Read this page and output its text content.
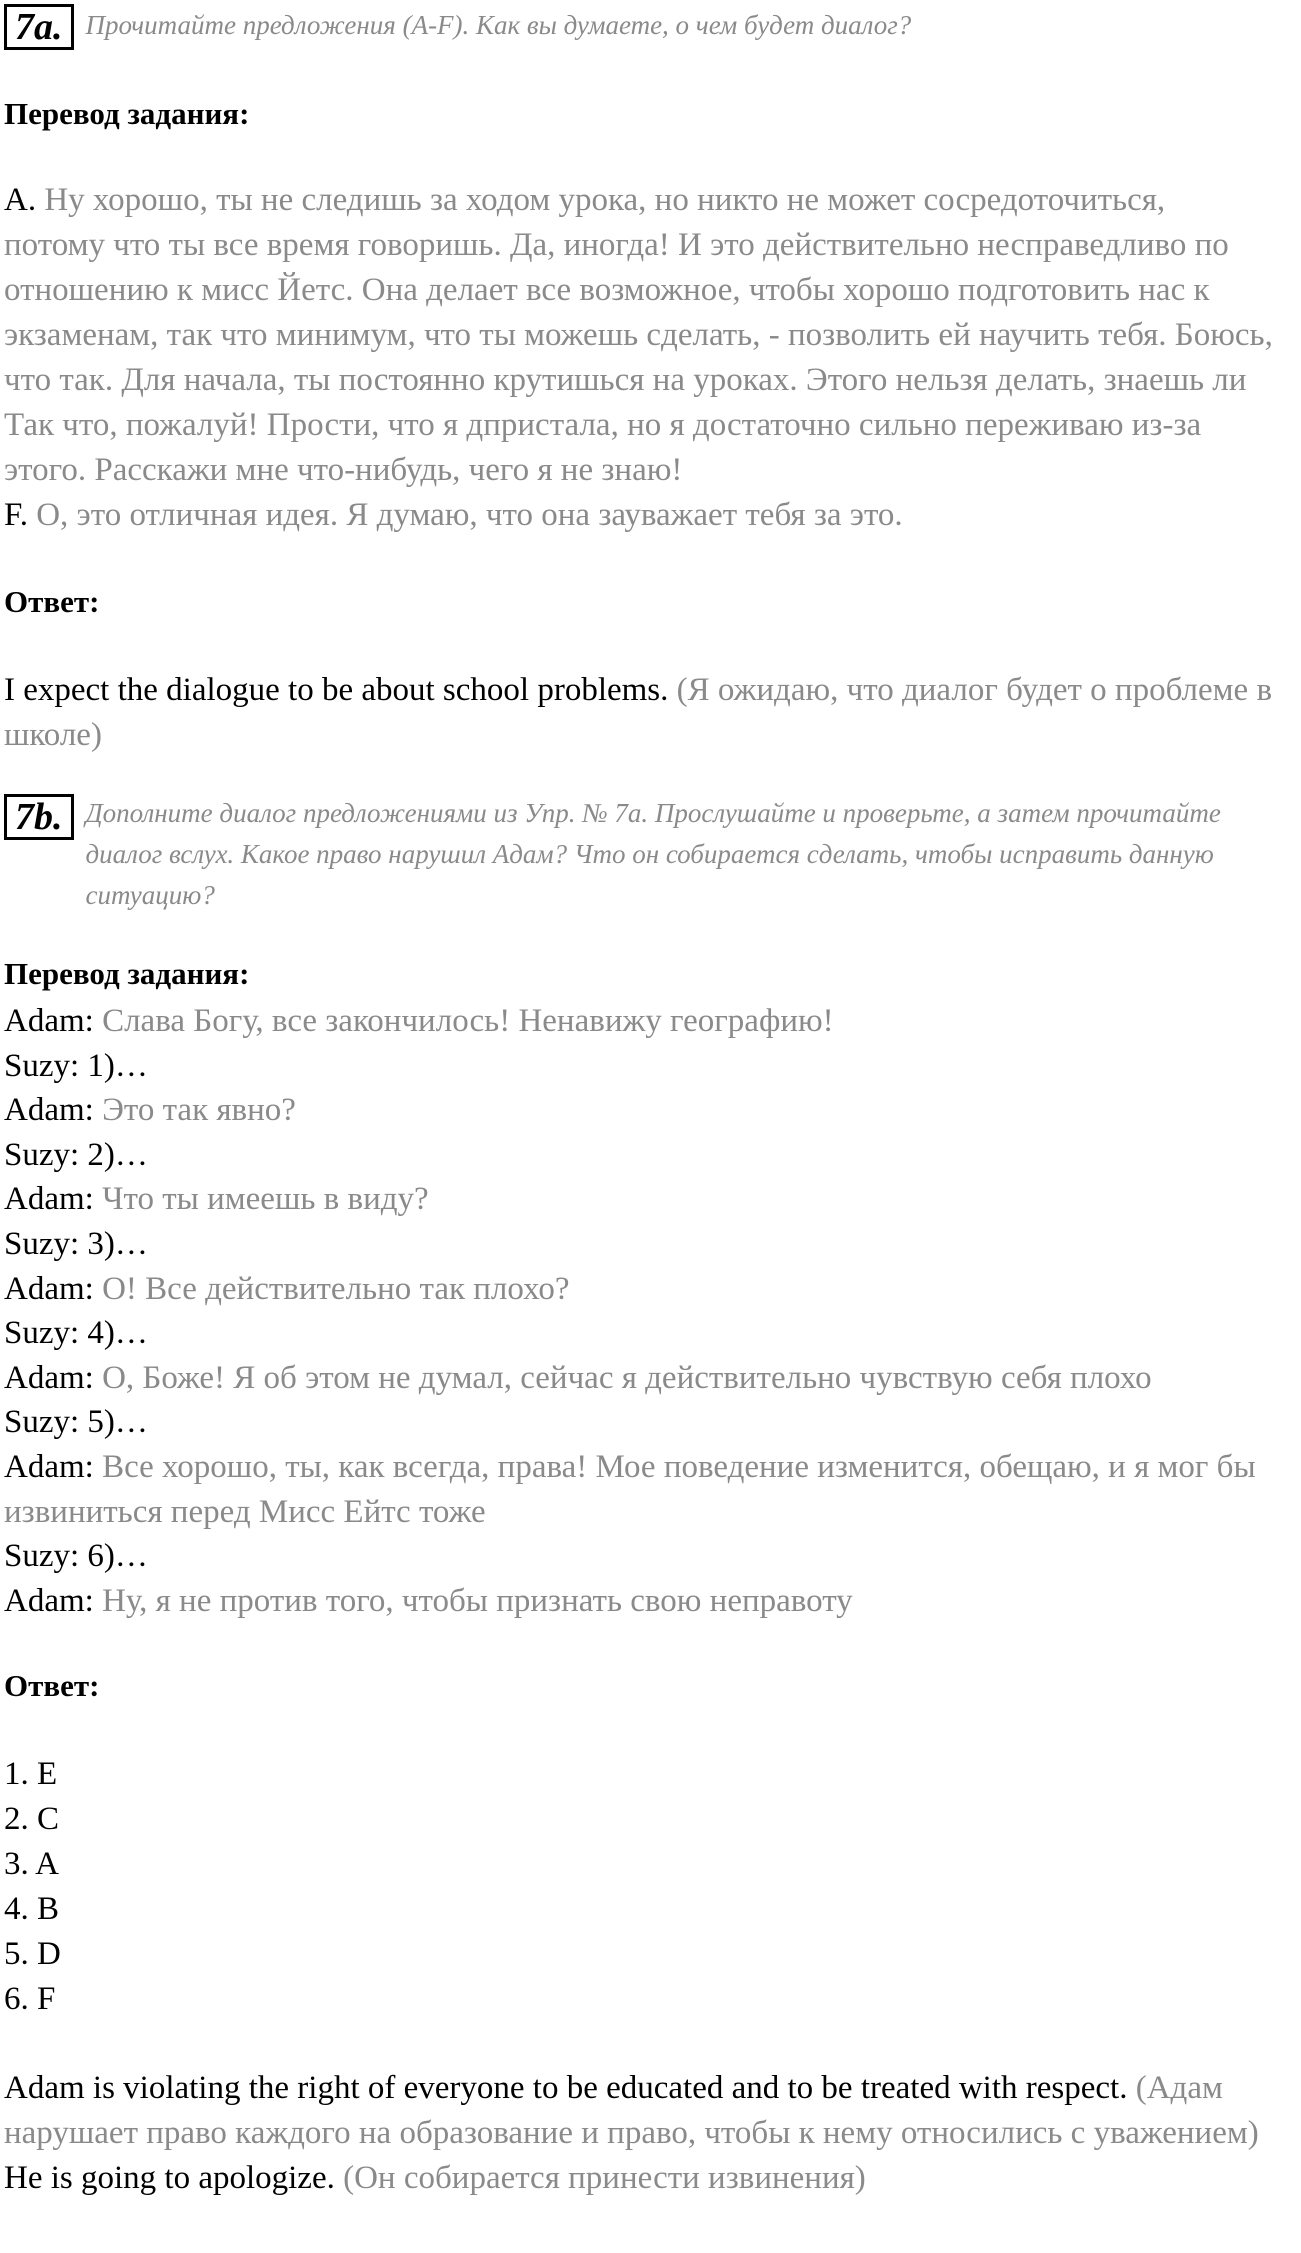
7a. Прочитайте предложения (A-F). Как вы думаете, о чем будет диалог?
Перевод задания:
A. Ну хорошо, ты не следишь за ходом урока, но никто не может сосредоточиться, потому что ты все время говоришь. Да, иногда! И это действительно несправедливо по отношению к мисс Йетс. Она делает все возможное, чтобы хорошо подготовить нас к экзаменам, так что минимум, что ты можешь сделать, - позволить ей научить тебя. Боюсь, что так. Для начала, ты постоянно крутишься на уроках. Этого нельзя делать, знаешь ли Так что, пожалуй! Прости, что я дпристала, но я достаточно сильно переживаю из-за этого. Расскажи мне что-нибудь, чего я не знаю!
F. О, это отличная идея. Я думаю, что она зауважает тебя за это.
Ответ:
I expect the dialogue to be about school problems. (Я ожидаю, что диалог будет о проблеме в школе)
7b. Дополните диалог предложениями из Упр. № 7a. Прослушайте и проверьте, а затем прочитайте диалог вслух. Какое право нарушил Адам? Что он собирается сделать, чтобы исправить данную ситуацию?
Перевод задания:
Adam: Слава Богу, все закончилось! Ненавижу географию!
Suzy: 1)…
Adam: Это так явно?
Suzy: 2)…
Adam: Что ты имеешь в виду?
Suzy: 3)…
Adam: О! Все действительно так плохо?
Suzy: 4)…
Adam: О, Боже! Я об этом не думал, сейчас я действительно чувствую себя плохо
Suzy: 5)…
Adam: Все хорошо, ты, как всегда, права! Мое поведение изменится, обещаю, и я мог бы извиниться перед Мисс Ейтс тоже
Suzy: 6)…
Adam: Ну, я не против того, чтобы признать свою неправоту
Ответ:
1. E
2. C
3. A
4. B
5. D
6. F
Adam is violating the right of everyone to be educated and to be treated with respect. (Адам нарушает право каждого на образование и право, чтобы к нему относились с уважением) He is going to apologize. (Он собирается принести извинения)
